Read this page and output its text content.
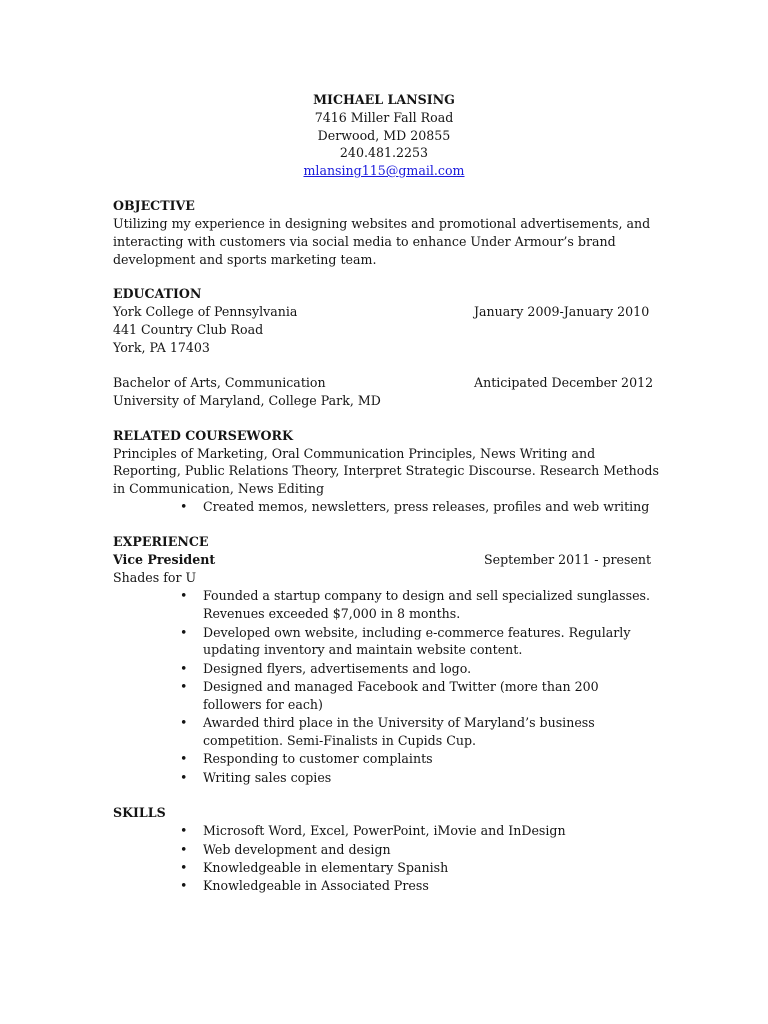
MICHAEL LANSING
7416 Miller Fall Road
Derwood, MD 20855
240.481.2253
mlansing115@gmail.com
OBJECTIVE
Utilizing my experience in designing websites and promotional advertisements, and
interacting with customers via social media to enhance Under Armour’s brand
development and sports marketing team.
EDUCATION
York College of Pennsylvania	January 2009-January 2010
441 Country Club Road
York, PA 17403
Bachelor of Arts, Communication	Anticipated December 2012
University of Maryland, College Park, MD
RELATED COURSEWORK
Principles of Marketing, Oral Communication Principles, News Writing and
Reporting, Public Relations Theory, Interpret Strategic Discourse. Research Methods
in Communication, News Editing
•
Created memos, newsletters, press releases, profiles and web writing
EXPERIENCE
Vice President	September 2011 - present
Shades for U
•
Founded a startup company to design and sell specialized sunglasses.
Revenues exceeded $7,000 in 8 months.
•
Developed own website, including e-commerce features. Regularly
updating inventory and maintain website content.
•
Designed flyers, advertisements and logo.
•
Designed and managed Facebook and Twitter (more than 200
followers for each)
•
Awarded third place in the University of Maryland’s business
competition. Semi-Finalists in Cupids Cup.
•
Responding to customer complaints
•
Writing sales copies
SKILLS
•
Microsoft Word, Excel, PowerPoint, iMovie and InDesign
•
Web development and design
•
Knowledgeable in elementary Spanish
•
Knowledgeable in Associated Press
